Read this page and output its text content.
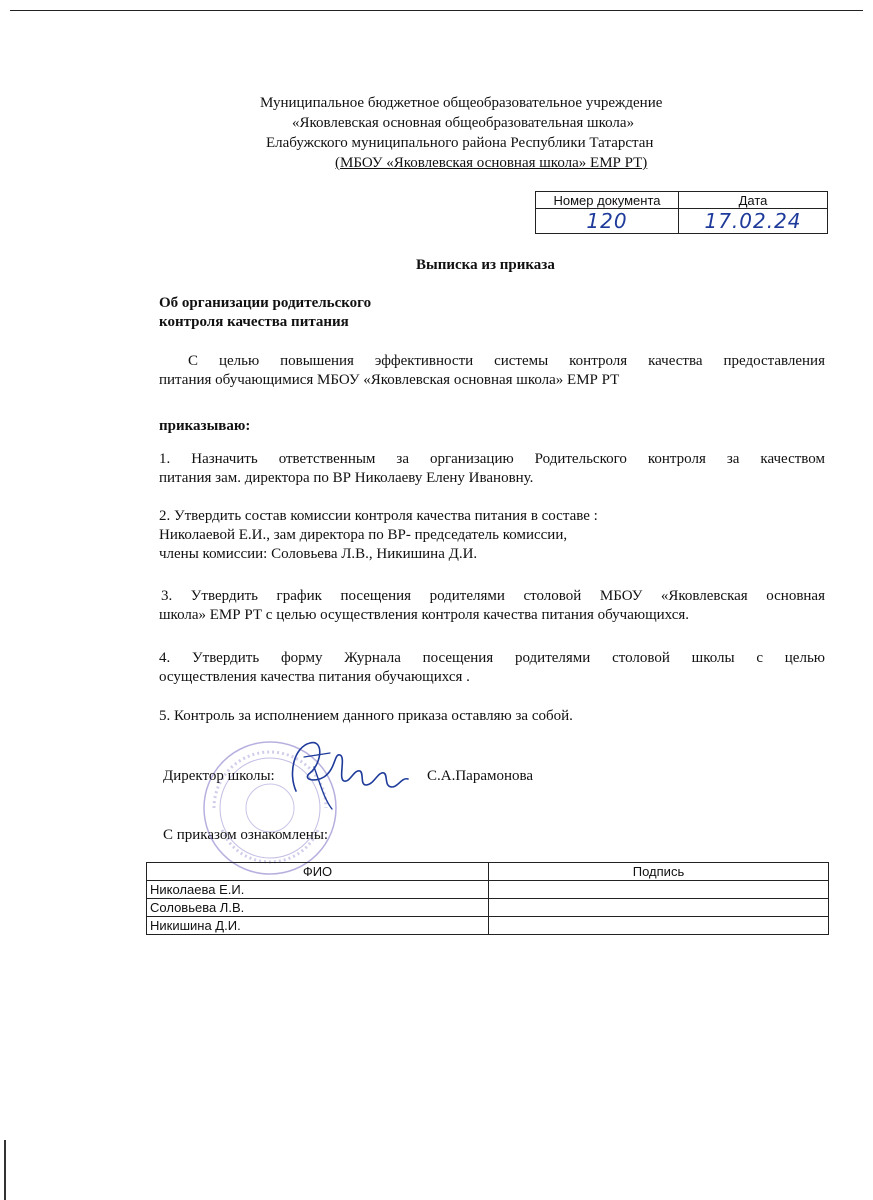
Муниципальное бюджетное общеобразовательное учреждение
«Яковлевская основная общеобразовательная школа»
Елабужского муниципального района Республики Татарстан
(МБОУ «Яковлевская основная школа» ЕМР РТ)
Номер документа	Дата
120	17.02.24
Выписка из приказа
Об организации родительского
контроля качества питания
С целью повышения эффективности системы контроля качества предоставления
питания обучающимися МБОУ «Яковлевская основная школа» ЕМР РТ
приказываю:
1. Назначить ответственным за организацию Родительского контроля за качеством
питания зам. директора по ВР Николаеву Елену Ивановну.
2. Утвердить состав комиссии контроля качества питания в составе :
Николаевой Е.И., зам директора по ВР- председатель комиссии,
члены комиссии: Соловьева Л.В., Никишина Д.И.
3. Утвердить график посещения родителями столовой МБОУ «Яковлевская основная
школа» ЕМР РТ с целью осуществления контроля качества питания обучающихся.
4. Утвердить форму Журнала посещения родителями столовой школы с целью
осуществления качества питания обучающихся .
5. Контроль за исполнением данного приказа оставляю за собой.
Директор школы:	С.А.Парамонова
С приказом ознакомлены:
ФИО	Подпись
Николаева Е.И.	
Соловьева Л.В.	
Никишина Д.И.	
